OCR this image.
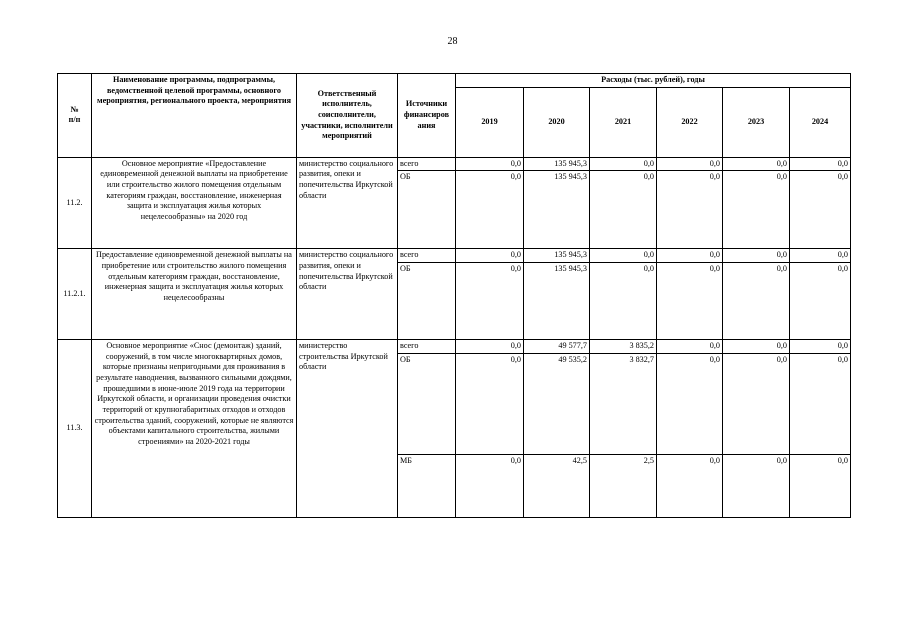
28
№
п/п	Наименование программы, подпрограммы, ведомственной целевой программы, основного мероприятия, регионального проекта, мероприятия	Ответственный исполнитель, соисполнители, участники, исполнители мероприятий	Источники финансиров ания	Расходы (тыс. рублей), годы					
				2019	2020	2021	2022	2023	2024
11.2.	Основное мероприятие «Предоставление единовременной денежной выплаты на приобретение или строительство жилого помещения отдельным категориям граждан, восстановление, инженерная защита и эксплуатация жилья которых нецелесообразны» на 2020 год	министерство социального развития, опеки и попечительства Иркутской области	всего	0,0	135 945,3	0,0	0,0	0,0	0,0
			ОБ	0,0	135 945,3	0,0	0,0	0,0	0,0
11.2.1.	Предоставление единовременной денежной выплаты на приобретение или строительство жилого помещения отдельным категориям граждан, восстановление, инженерная защита и эксплуатация жилья которых нецелесообразны	министерство социального развития, опеки и попечительства Иркутской области	всего	0,0	135 945,3	0,0	0,0	0,0	0,0
			ОБ	0,0	135 945,3	0,0	0,0	0,0	0,0
11.3.	Основное мероприятие «Снос (демонтаж) зданий, сооружений, в том числе многоквартирных домов, которые признаны непригодными для проживания в результате наводнения, вызванного сильными дождями, прошедшими в июне-июле 2019 года на территории Иркутской области, и организации проведения очистки территорий от крупногабаритных отходов и отходов строительства зданий, сооружений, которые не являются объектами капитального строительства, жилыми строениями» на 2020-2021 годы	министерство строительства Иркутской области	всего	0,0	49 577,7	3 835,2	0,0	0,0	0,0
			ОБ	0,0	49 535,2	3 832,7	0,0	0,0	0,0
			МБ	0,0	42,5	2,5	0,0	0,0	0,0
